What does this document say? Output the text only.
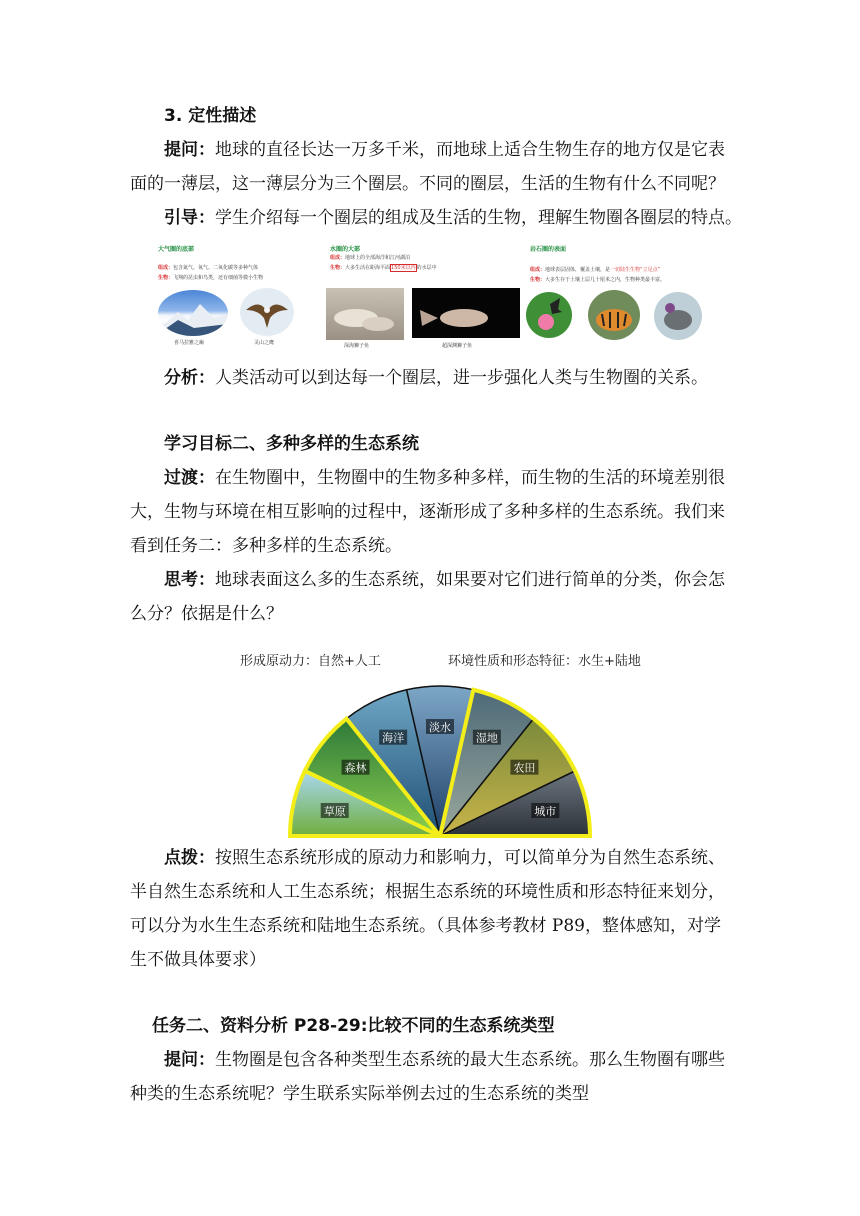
3. 定性描述
提问：地球的直径长达一万多千米，而地球上适合生物生存的地方仅是它表
面的一薄层，这一薄层分为三个圈层。不同的圈层，生活的生物有什么不同呢？
引导：学生介绍每一个圈层的组成及生活的生物，理解生物圈各圈层的特点。
大气圈的底部
组成：包含氮气、氧气、二氧化碳等多种气体
生物：飞翔的昆虫和鸟类，还有细菌等微小生物
喜马拉雅之巅	灵山之鹰
水圈的大部
组成：地球上的全部海洋和江河湖泊
生物：大多生活在距海平面150米以内的水层中
深海狮子鱼	超深渊狮子鱼
岩石圈的表面
组成：地球表层固体，覆盖土壤，是一切陆生生物“立足点”
生物：大多生存于土壤上层几十厘米之内，生物种类最丰富。
分析：人类活动可以到达每一个圈层，进一步强化人类与生物圈的关系。
学习目标二、多种多样的生态系统
过渡：在生物圈中，生物圈中的生物多种多样，而生物的生活的环境差别很
大，生物与环境在相互影响的过程中，逐渐形成了多种多样的生态系统。我们来
看到任务二：多种多样的生态系统。
思考：地球表面这么多的生态系统，如果要对它们进行简单的分类，你会怎
么分？依据是什么？
形成原动力：自然+人工	环境性质和形态特征：水生+陆地
草原
森林
海洋
淡水
湿地
农田
城市
点拨：按照生态系统形成的原动力和影响力，可以简单分为自然生态系统、
半自然生态系统和人工生态系统；根据生态系统的环境性质和形态特征来划分，
可以分为水生生态系统和陆地生态系统。（具体参考教材 P89，整体感知，对学
生不做具体要求）
任务二、资料分析 P28-29:比较不同的生态系统类型
提问：生物圈是包含各种类型生态系统的最大生态系统。那么生物圈有哪些
种类的生态系统呢？学生联系实际举例去过的生态系统的类型
